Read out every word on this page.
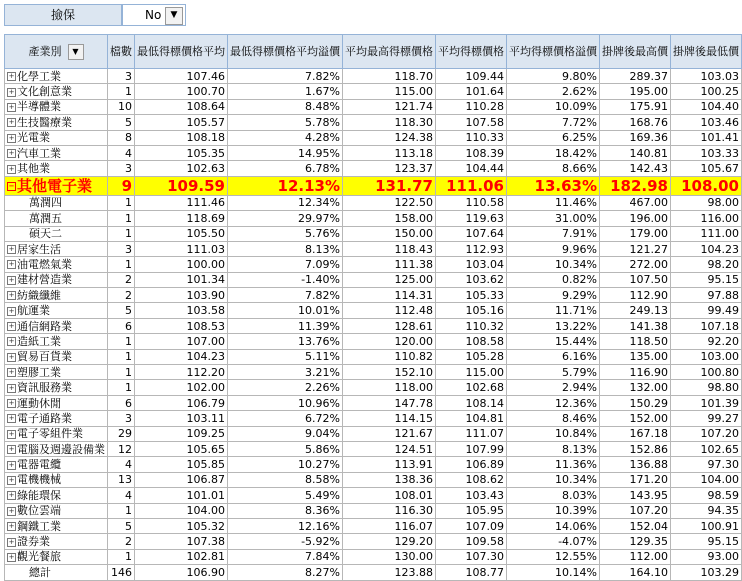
撿保	No	▼
產業別 ▼	檔數	最低得標價格平均	最低得標價格平均溢價	平均最高得標價格	平均得標價格	平均得標價格溢價	掛牌後最高價	掛牌後最低價
+ 化學工業	3	107.46	7.82%	118.70	109.44	9.80%	289.37	103.03
+ 文化創意業	1	100.70	1.67%	115.00	101.64	2.62%	195.00	100.25
+ 半導體業	10	108.64	8.48%	121.74	110.28	10.09%	175.91	104.40
+ 生技醫療業	5	105.57	5.78%	118.30	107.58	7.72%	168.76	103.46
+ 光電業	8	108.18	4.28%	124.38	110.33	6.25%	169.36	101.41
+ 汽車工業	4	105.35	14.95%	113.18	108.39	18.42%	140.81	103.33
+ 其他業	3	102.63	6.78%	123.37	104.44	8.66%	142.43	105.67
− 其他電子業	9	109.59	12.13%	131.77	111.06	13.63%	182.98	108.00
萬潤四	1	111.46	12.34%	122.50	110.58	11.46%	467.00	98.00
萬潤五	1	118.69	29.97%	158.00	119.63	31.00%	196.00	116.00
碩天二	1	105.50	5.76%	150.00	107.64	7.91%	179.00	111.00
+ 居家生活	3	111.03	8.13%	118.43	112.93	9.96%	121.27	104.23
+ 油電燃氣業	1	100.00	7.09%	111.38	103.04	10.34%	272.00	98.20
+ 建材營造業	2	101.34	-1.40%	125.00	103.62	0.82%	107.50	95.15
+ 紡織纖維	2	103.90	7.82%	114.31	105.33	9.29%	112.90	97.88
+ 航運業	5	103.58	10.01%	112.48	105.16	11.71%	249.13	99.49
+ 通信網路業	6	108.53	11.39%	128.61	110.32	13.22%	141.38	107.18
+ 造紙工業	1	107.00	13.76%	120.00	108.58	15.44%	118.50	92.20
+ 貿易百貨業	1	104.23	5.11%	110.82	105.28	6.16%	135.00	103.00
+ 塑膠工業	1	112.20	3.21%	152.10	115.00	5.79%	116.90	100.80
+ 資訊服務業	1	102.00	2.26%	118.00	102.68	2.94%	132.00	98.80
+ 運動休閒	6	106.79	10.96%	147.78	108.14	12.36%	150.29	101.39
+ 電子通路業	3	103.11	6.72%	114.15	104.81	8.46%	152.00	99.27
+ 電子零組件業	29	109.25	9.04%	121.67	111.07	10.84%	167.18	107.20
+ 電腦及週邊設備業	12	105.65	5.86%	124.51	107.99	8.13%	152.86	102.65
+ 電器電纜	4	105.85	10.27%	113.91	106.89	11.36%	136.88	97.30
+ 電機機械	13	106.87	8.58%	138.36	108.62	10.34%	171.20	104.00
+ 綠能環保	4	101.01	5.49%	108.01	103.43	8.03%	143.95	98.59
+ 數位雲端	1	104.00	8.36%	116.30	105.95	10.39%	107.20	94.35
+ 鋼鐵工業	5	105.32	12.16%	116.07	107.09	14.06%	152.04	100.91
+ 證券業	2	107.38	-5.92%	129.20	109.58	-4.07%	129.35	95.15
+ 觀光餐旅	1	102.81	7.84%	130.00	107.30	12.55%	112.00	93.00
總計	146	106.90	8.27%	123.88	108.77	10.14%	164.10	103.29
